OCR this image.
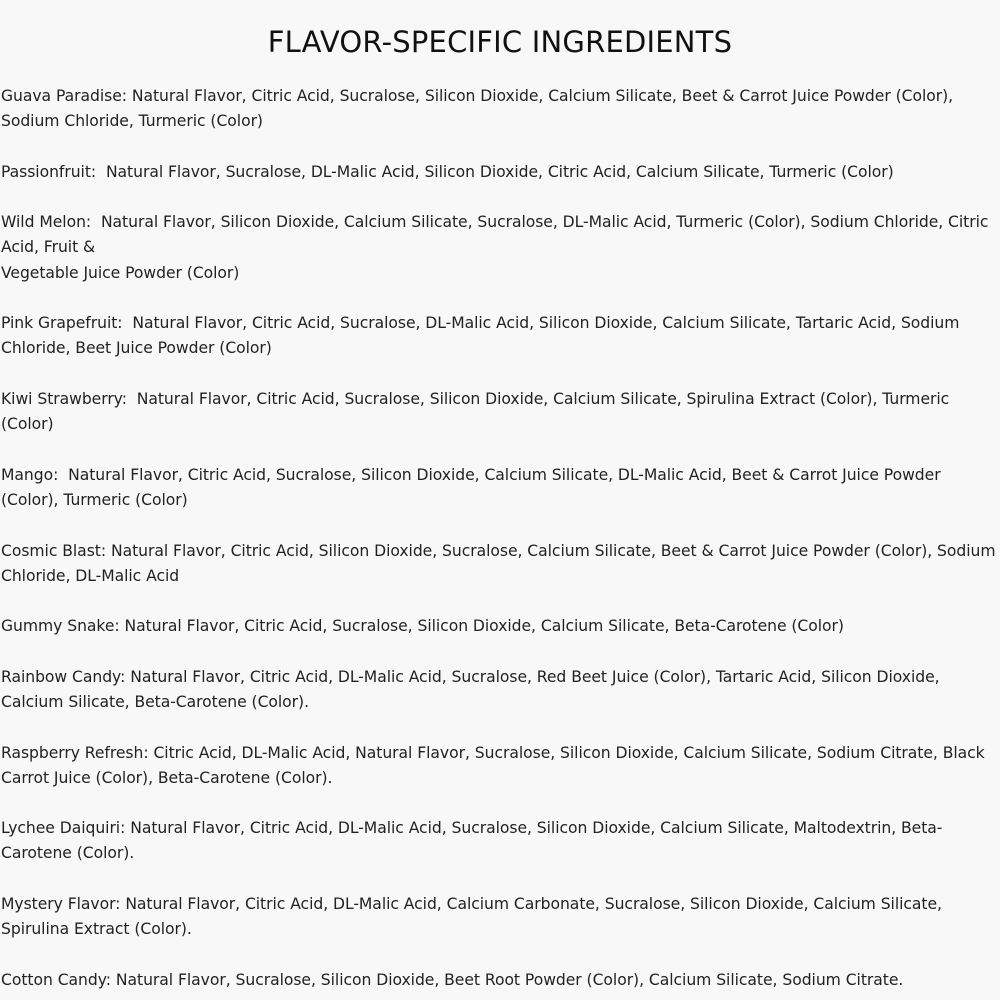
FLAVOR-SPECIFIC INGREDIENTS
Guava Paradise: Natural Flavor, Citric Acid, Sucralose, Silicon Dioxide, Calcium Silicate, Beet & Carrot Juice Powder (Color), Sodium Chloride, Turmeric (Color)
Passionfruit: Natural Flavor, Sucralose, DL-Malic Acid, Silicon Dioxide, Citric Acid, Calcium Silicate, Turmeric (Color)
Wild Melon: Natural Flavor, Silicon Dioxide, Calcium Silicate, Sucralose, DL-Malic Acid, Turmeric (Color), Sodium Chloride, Citric Acid, Fruit &
Vegetable Juice Powder (Color)
Pink Grapefruit: Natural Flavor, Citric Acid, Sucralose, DL-Malic Acid, Silicon Dioxide, Calcium Silicate, Tartaric Acid, Sodium Chloride, Beet Juice Powder (Color)
Kiwi Strawberry: Natural Flavor, Citric Acid, Sucralose, Silicon Dioxide, Calcium Silicate, Spirulina Extract (Color), Turmeric (Color)
Mango: Natural Flavor, Citric Acid, Sucralose, Silicon Dioxide, Calcium Silicate, DL-Malic Acid, Beet & Carrot Juice Powder (Color), Turmeric (Color)
Cosmic Blast: Natural Flavor, Citric Acid, Silicon Dioxide, Sucralose, Calcium Silicate, Beet & Carrot Juice Powder (Color), Sodium Chloride, DL-Malic Acid
Gummy Snake: Natural Flavor, Citric Acid, Sucralose, Silicon Dioxide, Calcium Silicate, Beta-Carotene (Color)
Rainbow Candy: Natural Flavor, Citric Acid, DL-Malic Acid, Sucralose, Red Beet Juice (Color), Tartaric Acid, Silicon Dioxide, Calcium Silicate, Beta-Carotene (Color).
Raspberry Refresh: Citric Acid, DL-Malic Acid, Natural Flavor, Sucralose, Silicon Dioxide, Calcium Silicate, Sodium Citrate, Black Carrot Juice (Color), Beta-Carotene (Color).
Lychee Daiquiri: Natural Flavor, Citric Acid, DL-Malic Acid, Sucralose, Silicon Dioxide, Calcium Silicate, Maltodextrin, Beta-Carotene (Color).
Mystery Flavor: Natural Flavor, Citric Acid, DL-Malic Acid, Calcium Carbonate, Sucralose, Silicon Dioxide, Calcium Silicate, Spirulina Extract (Color).
Cotton Candy: Natural Flavor, Sucralose, Silicon Dioxide, Beet Root Powder (Color), Calcium Silicate, Sodium Citrate.
